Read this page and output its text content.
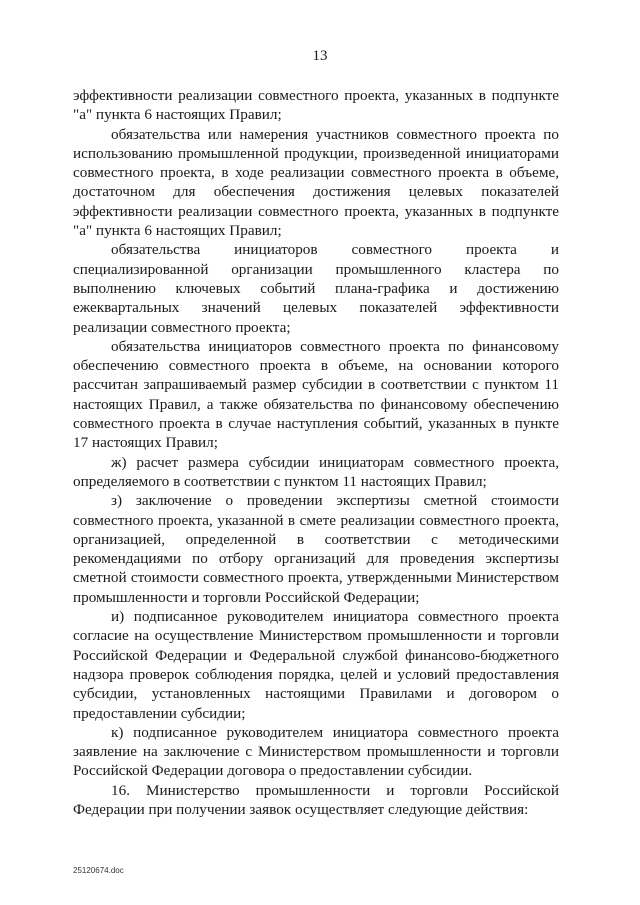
13

эффективности реализации совместного проекта, указанных в подпункте "а" пункта 6 настоящих Правил;

обязательства или намерения участников совместного проекта по использованию промышленной продукции, произведенной инициаторами совместного проекта, в ходе реализации совместного проекта в объеме, достаточном для обеспечения достижения целевых показателей эффективности реализации совместного проекта, указанных в подпункте "а" пункта 6 настоящих Правил;

обязательства инициаторов совместного проекта и специализированной организации промышленного кластера по выполнению ключевых событий плана-графика и достижению ежеквартальных значений целевых показателей эффективности реализации совместного проекта;

обязательства инициаторов совместного проекта по финансовому обеспечению совместного проекта в объеме, на основании которого рассчитан запрашиваемый размер субсидии в соответствии с пунктом 11 настоящих Правил, а также обязательства по финансовому обеспечению совместного проекта в случае наступления событий, указанных в пункте 17 настоящих Правил;

ж) расчет размера субсидии инициаторам совместного проекта, определяемого в соответствии с пунктом 11 настоящих Правил;

з) заключение о проведении экспертизы сметной стоимости совместного проекта, указанной в смете реализации совместного проекта, организацией, определенной в соответствии с методическими рекомендациями по отбору организаций для проведения экспертизы сметной стоимости совместного проекта, утвержденными Министерством промышленности и торговли Российской Федерации;

и) подписанное руководителем инициатора совместного проекта согласие на осуществление Министерством промышленности и торговли Российской Федерации и Федеральной службой финансово-бюджетного надзора проверок соблюдения порядка, целей и условий предоставления субсидии, установленных настоящими Правилами и договором о предоставлении субсидии;

к) подписанное руководителем инициатора совместного проекта заявление на заключение с Министерством промышленности и торговли Российской Федерации договора о предоставлении субсидии.

16. Министерство промышленности и торговли Российской Федерации при получении заявок осуществляет следующие действия:

25120674.doc
